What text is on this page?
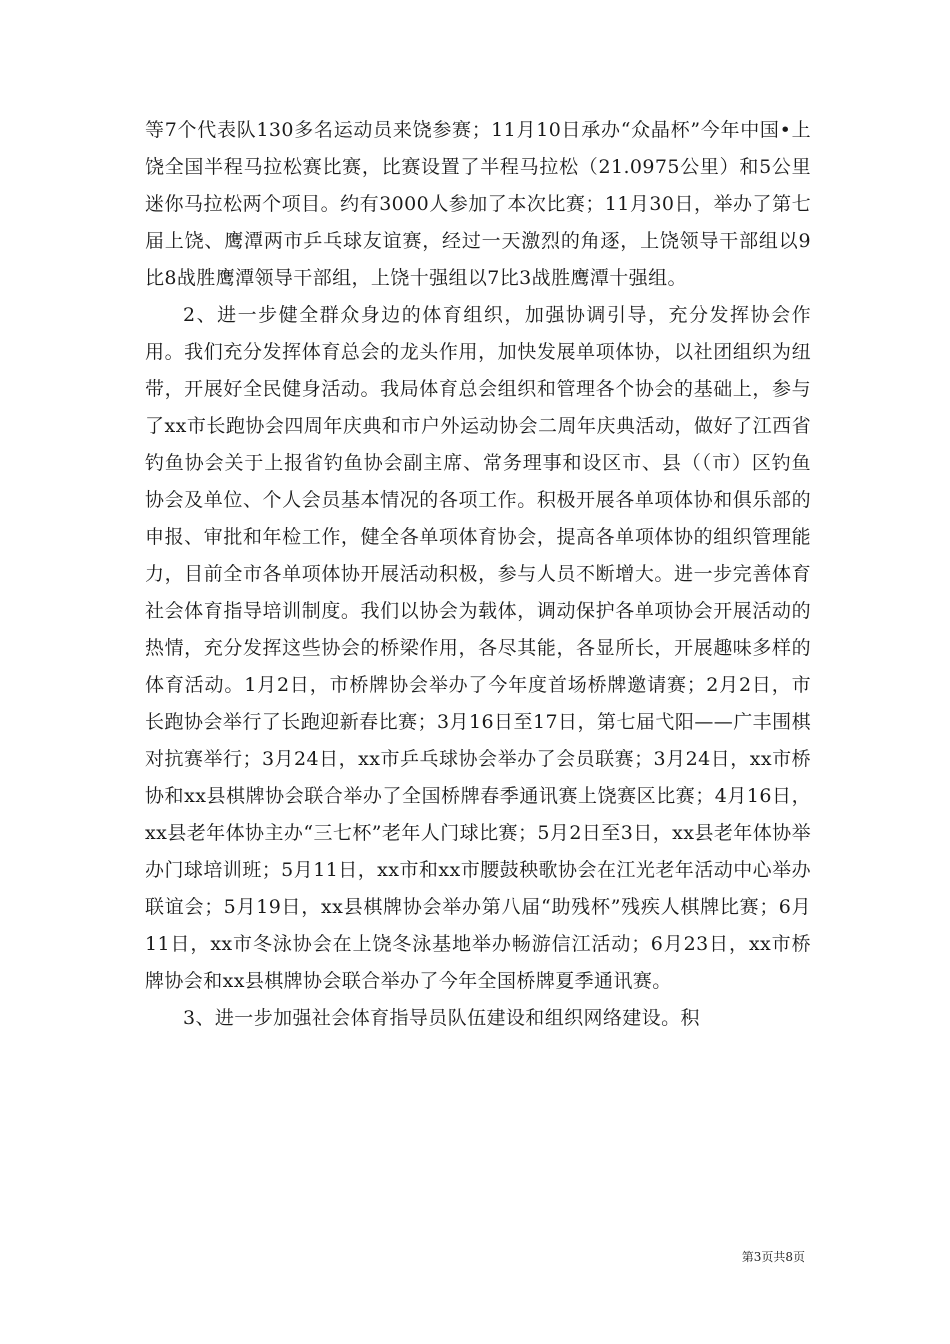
等7个代表队130多名运动员来饶参赛；11月10日承办“众晶杯”今年中国•上饶全国半程马拉松赛比赛，比赛设置了半程马拉松（21.0975公里）和5公里迷你马拉松两个项目。约有3000人参加了本次比赛；11月30日，举办了第七届上饶、鹰潭两市乒乓球友谊赛，经过一天激烈的角逐，上饶领导干部组以9比8战胜鹰潭领导干部组，上饶十强组以7比3战胜鹰潭十强组。

2、进一步健全群众身边的体育组织，加强协调引导，充分发挥协会作用。我们充分发挥体育总会的龙头作用，加快发展单项体协，以社团组织为纽带，开展好全民健身活动。我局体育总会组织和管理各个协会的基础上，参与了xx市长跑协会四周年庆典和市户外运动协会二周年庆典活动，做好了江西省钓鱼协会关于上报省钓鱼协会副主席、常务理事和设区市、县（（市）区钓鱼协会及单位、个人会员基本情况的各项工作。积极开展各单项体协和俱乐部的申报、审批和年检工作，健全各单项体育协会，提高各单项体协的组织管理能力，目前全市各单项体协开展活动积极，参与人员不断增大。进一步完善体育社会体育指导培训制度。我们以协会为载体，调动保护各单项协会开展活动的热情，充分发挥这些协会的桥梁作用，各尽其能，各显所长，开展趣味多样的体育活动。1月2日，市桥牌协会举办了今年度首场桥牌邀请赛；2月2日，市长跑协会举行了长跑迎新春比赛；3月16日至17日，第七届弋阳——广丰围棋对抗赛举行；3月24日，xx市乒乓球协会举办了会员联赛；3月24日，xx市桥协和xx县棋牌协会联合举办了全国桥牌春季通讯赛上饶赛区比赛；4月16日，xx县老年体协主办“三七杯”老年人门球比赛；5月2日至3日，xx县老年体协举办门球培训班；5月11日，xx市和xx市腰鼓秧歌协会在江光老年活动中心举办联谊会；5月19日，xx县棋牌协会举办第八届“助残杯”残疾人棋牌比赛；6月11日，xx市冬泳协会在上饶冬泳基地举办畅游信江活动；6月23日，xx市桥牌协会和xx县棋牌协会联合举办了今年全国桥牌夏季通讯赛。

3、进一步加强社会体育指导员队伍建设和组织网络建设。积

第3页共8页
